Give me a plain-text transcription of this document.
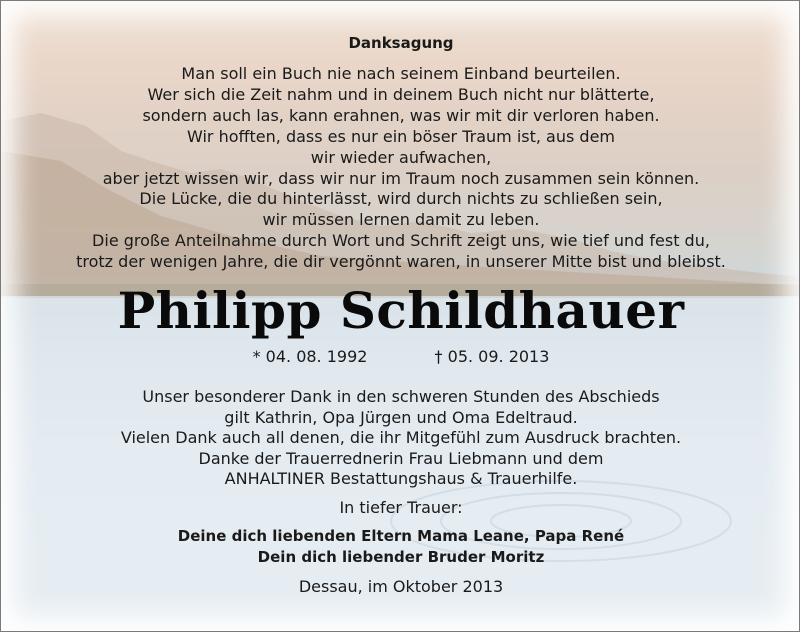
Danksagung
Man soll ein Buch nie nach seinem Einband beurteilen.
Wer sich die Zeit nahm und in deinem Buch nicht nur blätterte,
sondern auch las, kann erahnen, was wir mit dir verloren haben.
Wir hofften, dass es nur ein böser Traum ist, aus dem
wir wieder aufwachen,
aber jetzt wissen wir, dass wir nur im Traum noch zusammen sein können.
Die Lücke, die du hinterlässt, wird durch nichts zu schließen sein,
wir müssen lernen damit zu leben.
Die große Anteilnahme durch Wort und Schrift zeigt uns, wie tief und fest du,
trotz der wenigen Jahre, die dir vergönnt waren, in unserer Mitte bist und bleibst.
Philipp Schildhauer
* 04. 08. 1992	† 05. 09. 2013
Unser besonderer Dank in den schweren Stunden des Abschieds
gilt Kathrin, Opa Jürgen und Oma Edeltraud.
Vielen Dank auch all denen, die ihr Mitgefühl zum Ausdruck brachten.
Danke der Trauerrednerin Frau Liebmann und dem
ANHALTINER Bestattungshaus & Trauerhilfe.
In tiefer Trauer:
Deine dich liebenden Eltern Mama Leane, Papa René
Dein dich liebender Bruder Moritz
Dessau, im Oktober 2013
